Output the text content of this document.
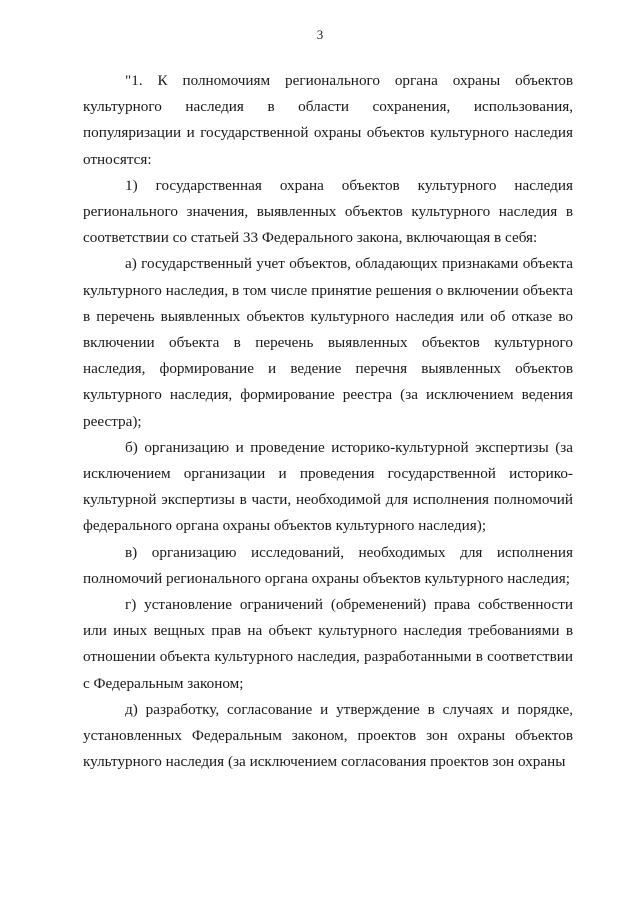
3

"1. К полномочиям регионального органа охраны объектов культурного наследия в области сохранения, использования, популяризации и государственной охраны объектов культурного наследия относятся:

1) государственная охрана объектов культурного наследия регионального значения, выявленных объектов культурного наследия в соответствии со статьей 33 Федерального закона, включающая в себя:

а) государственный учет объектов, обладающих признаками объекта культурного наследия, в том числе принятие решения о включении объекта в перечень выявленных объектов культурного наследия или об отказе во включении объекта в перечень выявленных объектов культурного наследия, формирование и ведение перечня выявленных объектов культурного наследия, формирование реестра (за исключением ведения реестра);

б) организацию и проведение историко-культурной экспертизы (за исключением организации и проведения государственной историко-культурной экспертизы в части, необходимой для исполнения полномочий федерального органа охраны объектов культурного наследия);

в) организацию исследований, необходимых для исполнения полномочий регионального органа охраны объектов культурного наследия;

г) установление ограничений (обременений) права собственности или иных вещных прав на объект культурного наследия требованиями в отношении объекта культурного наследия, разработанными в соответствии с Федеральным законом;

д) разработку, согласование и утверждение в случаях и порядке, установленных Федеральным законом, проектов зон охраны объектов культурного наследия (за исключением согласования проектов зон охраны
